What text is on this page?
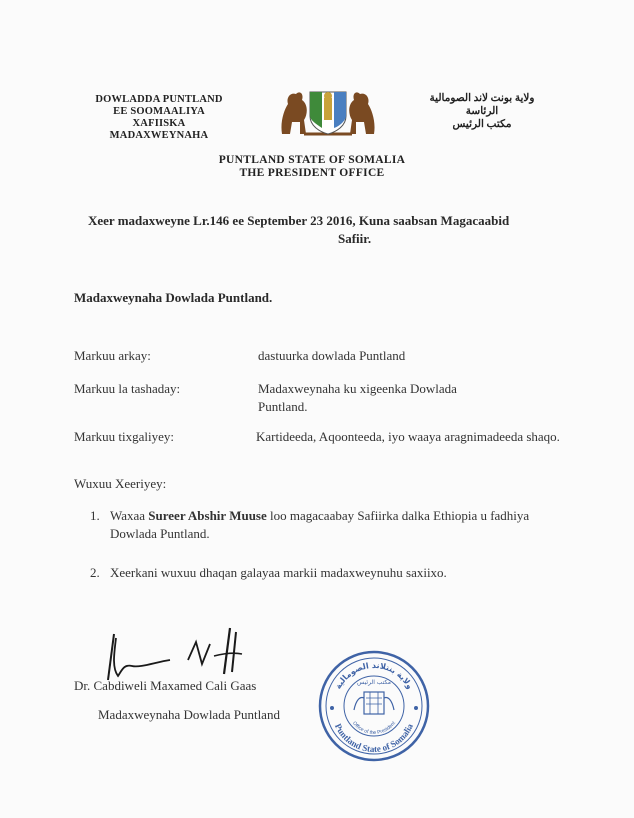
DOWLADDA PUNTLAND
EE SOOMAALIYA
XAFIISKA
MADAXWEYNAHA
ولاية بونت لاند الصومالية
الرئاسة
مكتب الرئيس
PUNTLAND STATE OF SOMALIA
THE PRESIDENT OFFICE
Xeer madaxweyne Lr.146 ee September 23 2016, Kuna saabsan Magacaabid
Safiir.
Madaxweynaha Dowlada Puntland.
Markuu arkay:	dastuurka dowlada Puntland
Markuu la tashaday:	Madaxweynaha ku xigeenka Dowlada Puntland.
Markuu tixgaliyey:	Kartideeda, Aqoonteeda, iyo waaya aragnimadeeda shaqo.
Wuxuu Xeeriyey:
1. Waxaa Sureer Abshir Muuse loo magacaabay Safiirka dalka Ethiopia u fadhiya Dowlada Puntland.
2. Xeerkani wuxuu dhaqan galayaa markii madaxweynuhu saxiixo.
Dr. Cabdiweli Maxamed Cali Gaas
Madaxweynaha Dowlada Puntland
ولاية بنتلاند الصومالية
مكتب الرئيس
Puntland State of Somalia
Office of the President
